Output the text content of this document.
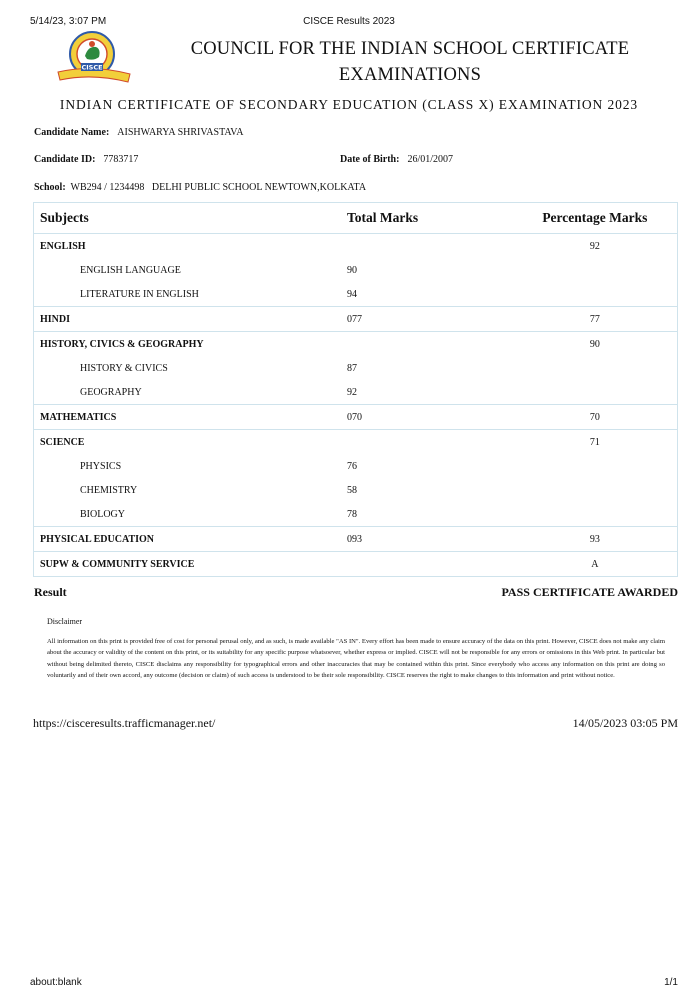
5/14/23, 3:07 PM	CISCE Results 2023
CISCE
COUNCIL FOR THE INDIAN SCHOOL CERTIFICATE EXAMINATIONS
INDIAN CERTIFICATE OF SECONDARY EDUCATION (CLASS X) EXAMINATION 2023
Candidate Name: AISHWARYA SHRIVASTAVA
Candidate ID: 7783717	Date of Birth: 26/01/2007
School: WB294 / 1234498   DELHI PUBLIC SCHOOL NEWTOWN,KOLKATA
Subjects	Total Marks	Percentage Marks
ENGLISH		92
ENGLISH LANGUAGE	90	
LITERATURE IN ENGLISH	94	
HINDI	077	77
HISTORY, CIVICS & GEOGRAPHY		90
HISTORY & CIVICS	87	
GEOGRAPHY	92	
MATHEMATICS	070	70
SCIENCE		71
PHYSICS	76	
CHEMISTRY	58	
BIOLOGY	78	
PHYSICAL EDUCATION	093	93
SUPW & COMMUNITY SERVICE		A
Result	PASS CERTIFICATE AWARDED
Disclaimer
All information on this print is provided free of cost for personal perusal only, and as such, is made available "AS IN". Every effort has been made to ensure accuracy of the data on this print. However, CISCE does not make any claim about the accuracy or validity of the content on this print, or its suitability for any specific purpose whatsoever, whether express or implied. CISCE will not be responsible for any errors or omissions in this Web print. In particular but without being delimited thereto, CISCE disclaims any responsibility for typographical errors and other inaccuracies that may be contained within this print. Since everybody who access any information on this print are doing so voluntarily and of their own accord, any outcome (decision or claim) of such access is understood to be their sole responsibility. CISCE reserves the right to make changes to this information and print without notice.
https://cisceresults.trafficmanager.net/	14/05/2023 03:05 PM
about:blank	1/1
